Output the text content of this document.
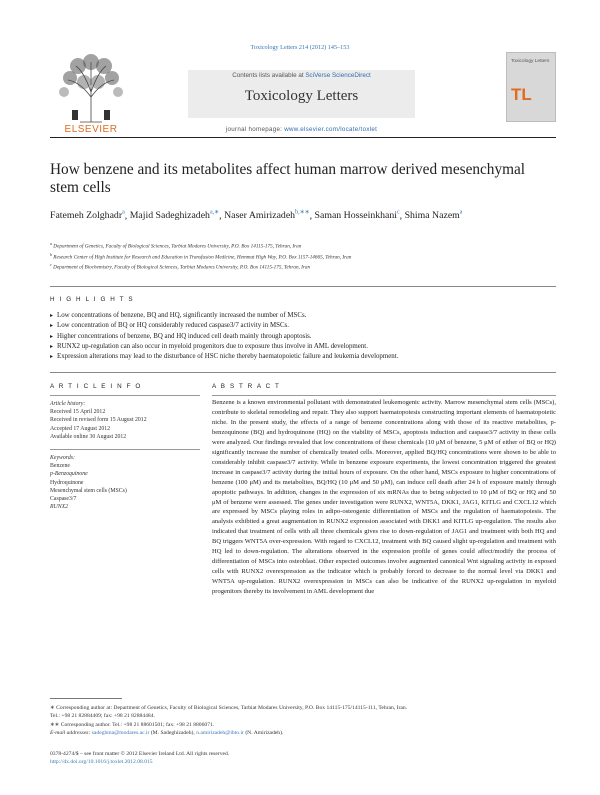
Toxicology Letters 214 (2012) 145–153
ELSEVIER
Contents lists available at SciVerse ScienceDirect
Toxicology Letters
journal homepage: www.elsevier.com/locate/toxlet
Toxicology Letters
TL
How benzene and its metabolites affect human marrow derived mesenchymal stem cells
Fatemeh Zolghadr$^a$, Majid Sadeghizadeh$^{a,∗}$, Naser Amirizadeh$^{b,∗∗}$, Saman Hosseinkhani$^c$, Shima Nazem$^a$
$^a$ Department of Genetics, Faculty of Biological Sciences, Tarbiat Modares University, P.O. Box 14115-175, Tehran, Iran
$^b$ Research Center of High Institute for Research and Education in Transfusion Medicine, Hemmat High Way, P.O. Box 1157-14665, Tehran, Iran
$^c$ Department of Biochemistry, Faculty of Biological Sciences, Tarbiat Modares University, P.O. Box 14115-175, Tehran, Iran
H I G H L I G H T S
▸ Low concentrations of benzene, BQ and HQ, significantly increased the number of MSCs.
▸ Low concentration of BQ or HQ considerably reduced caspase3/7 activity in MSCs.
▸ Higher concentrations of benzene, BQ and HQ induced cell death mainly through apoptosis.
▸ RUNX2 up-regulation can also occur in myeloid progenitors due to exposure thus involve in AML development.
▸ Expression alterations may lead to the disturbance of HSC niche thereby haematopoietic failure and leukemia development.
A R T I C L E I N F O	A B S T R A C T
Article history:
Received 15 April 2012
Received in revised form 15 August 2012
Accepted 17 August 2012
Available online 30 August 2012
Keywords:
Benzene
p-Benzoquinone
Hydroquinone
Mesenchymal stem cells (MSCs)
Caspase3/7
RUNX2
Benzene is a known environmental pollutant with demonstrated leukemogenic activity. Marrow mesenchymal stem cells (MSCs), contribute to skeletal remodeling and repair. They also support haematopoiesis constructing important elements of haematopoietic niche. In the present study, the effects of a range of benzene concentrations along with those of its reactive metabolites, p-benzoquinone (BQ) and hydroquinone (HQ) on the viability of MSCs, apoptosis induction and caspase3/7 activity in these cells were analyzed. Our findings revealed that low concentrations of these chemicals (10 μM of benzene, 5 μM of either of BQ or HQ) significantly increase the number of chemically treated cells. Moreover, applied BQ/HQ concentrations were shown to be able to considerably inhibit caspase3/7 activity. While in benzene exposure experiments, the lowest concentration triggered the greatest increase in caspase3/7 activity during the initial hours of exposure. On the other hand, MSCs exposure to higher concentrations of benzene (100 μM) and its metabolites, BQ/HQ (10 μM and 50 μM), can induce cell death after 24 h of exposure mainly through apoptotic pathways. In addition, changes in the expression of six mRNAs due to being subjected to 10 μM of BQ or HQ and 50 μM of benzene were assessed. The genes under investigation were RUNX2, WNT5A, DKK1, JAG1, KITLG and CXCL12 which are expressed by MSCs playing roles in adipo-osteogenic differentiation of MSCs and the regulation of haematopoiesis. The analysis exhibited a great augmentation in RUNX2 expression associated with DKK1 and KITLG up-regulation. The results also indicated that treatment of cells with all three chemicals gives rise to down-regulation of JAG1 and treatment with both HQ and BQ triggers WNT5A over-expression. With regard to CXCL12, treatment with BQ caused slight up-regulation and treatment with HQ led to down-regulation. The alterations observed in the expression profile of genes could affect/modify the process of differentiation of MSCs into osteoblast. Other expected outcomes involve augmented canonical Wnt signaling activity in exposed cells with RUNX2 overexpression as the indicator which is probably forced to decrease to the normal level via DKK1 and WNT5A up-regulation. RUNX2 overexpression in MSCs can also be indicative of the RUNX2 up-regulation in myeloid progenitors thereby its involvement in AML development due
∗ Corresponding author at: Department of Genetics, Faculty of Biological Sciences, Tarbiat Modares University, P.O. Box 14115-175/14115-111, Tehran, Iran.
Tel.: +98 21 82884409; fax: +98 21 82884484.
∗∗ Corresponding author. Tel.: +98 21 88601501; fax: +98 21 8806071.
E-mail addresses: sadeghma@modares.ac.ir (M. Sadeghizadeh), n.amirizadeh@ibto.ir (N. Amirizadeh).
0378-4274/$ – see front matter © 2012 Elsevier Ireland Ltd. All rights reserved.
http://dx.doi.org/10.1016/j.toxlet.2012.08.015
